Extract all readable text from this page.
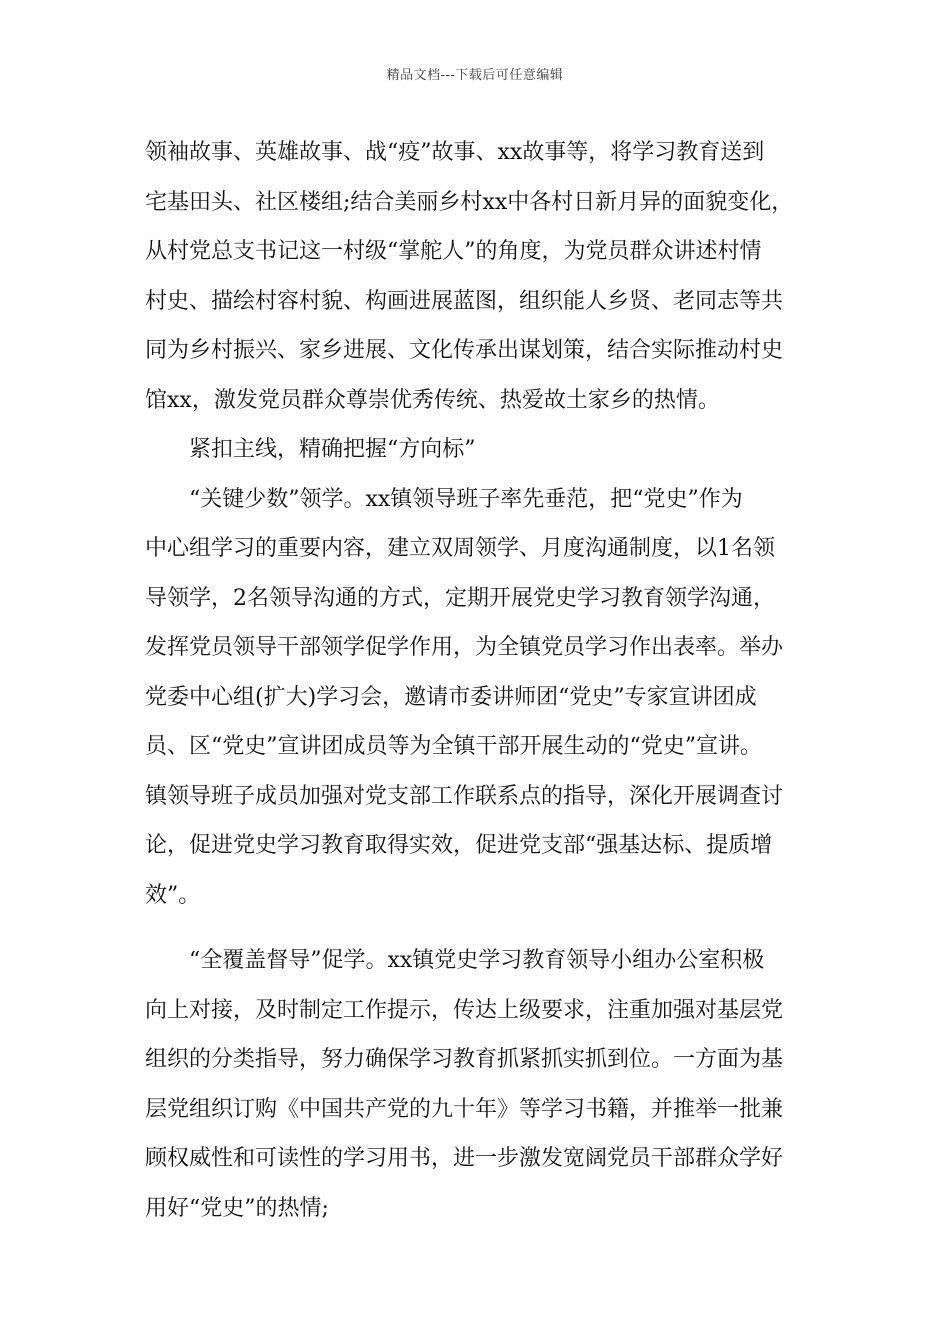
精品文档---下载后可任意编辑
领袖故事、英雄故事、战“疫”故事、xx故事等，将学习教育送到
宅基田头、社区楼组;结合美丽乡村xx中各村日新月异的面貌变化，
从村党总支书记这一村级“掌舵人”的角度，为党员群众讲述村情
村史、描绘村容村貌、构画进展蓝图，组织能人乡贤、老同志等共
同为乡村振兴、家乡进展、文化传承出谋划策，结合实际推动村史
馆xx，激发党员群众尊崇优秀传统、热爱故土家乡的热情。
紧扣主线，精确把握“方向标”
“关键少数”领学。xx镇领导班子率先垂范，把“党史”作为
中心组学习的重要内容，建立双周领学、月度沟通制度，以1名领
导领学，2名领导沟通的方式，定期开展党史学习教育领学沟通，
发挥党员领导干部领学促学作用，为全镇党员学习作出表率。举办
党委中心组(扩大)学习会，邀请市委讲师团“党史”专家宣讲团成
员、区“党史”宣讲团成员等为全镇干部开展生动的“党史”宣讲。
镇领导班子成员加强对党支部工作联系点的指导，深化开展调查讨
论，促进党史学习教育取得实效，促进党支部“强基达标、提质增
效”。
“全覆盖督导”促学。xx镇党史学习教育领导小组办公室积极
向上对接，及时制定工作提示，传达上级要求，注重加强对基层党
组织的分类指导，努力确保学习教育抓紧抓实抓到位。一方面为基
层党组织订购《中国共产党的九十年》等学习书籍，并推举一批兼
顾权威性和可读性的学习用书，进一步激发宽阔党员干部群众学好
用好“党史”的热情;
